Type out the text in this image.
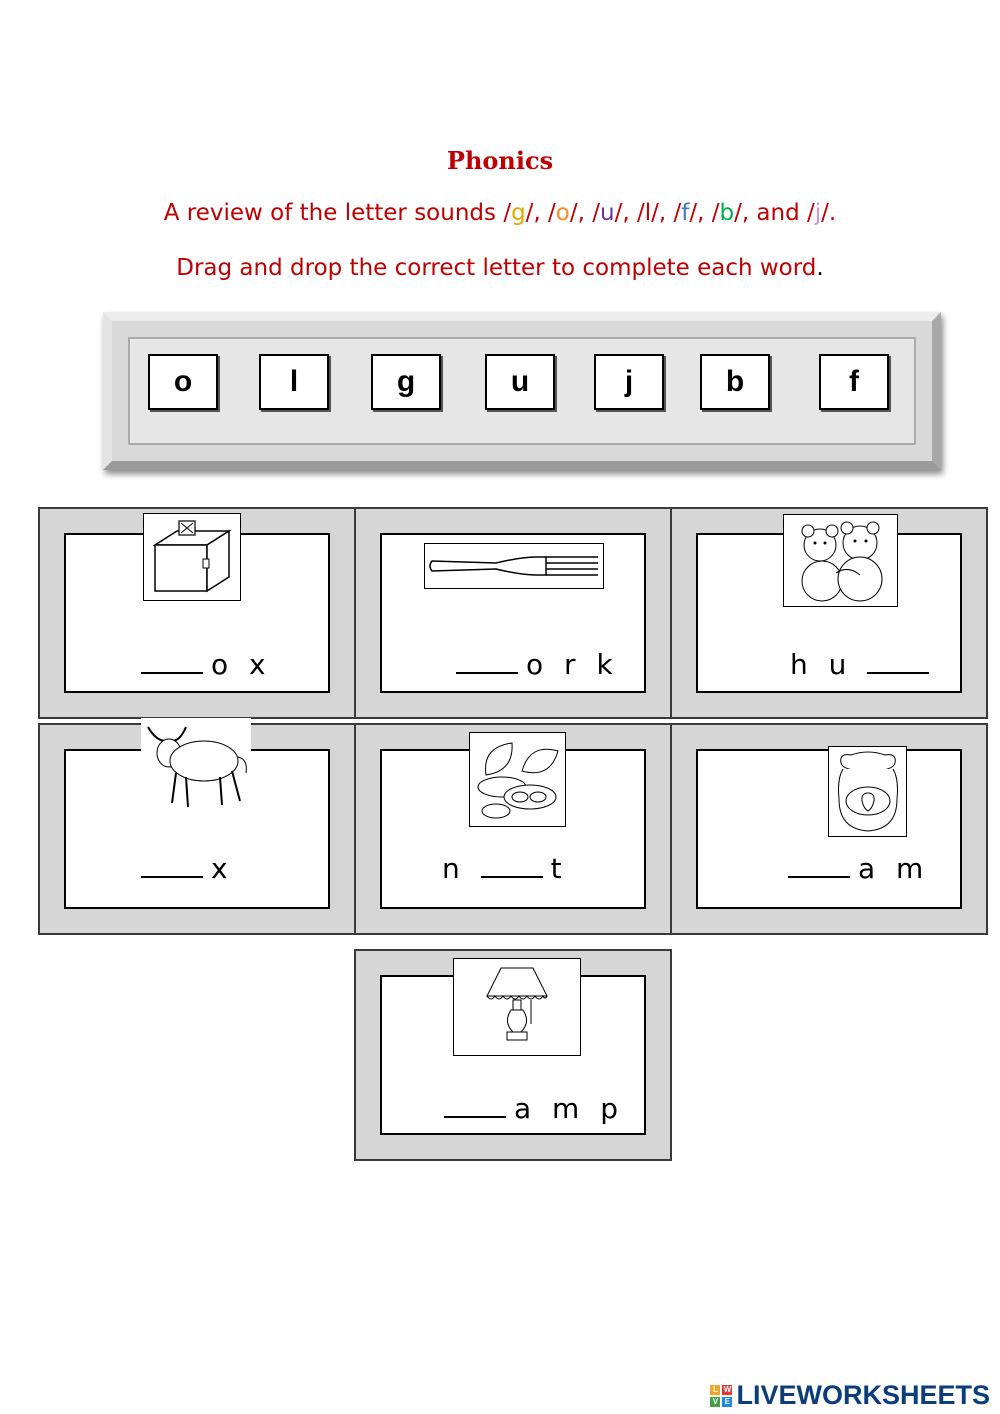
Phonics
A review of the letter sounds /g/, /o/, /u/, /l/, /f/, /b/, and /j/.
Drag and drop the correct letter to complete each word.
o	l	g	u	j	b	f
o x	o r k	h u
x	n	t	a m
a m p
L W
V E LIVEWORKSHEETS
